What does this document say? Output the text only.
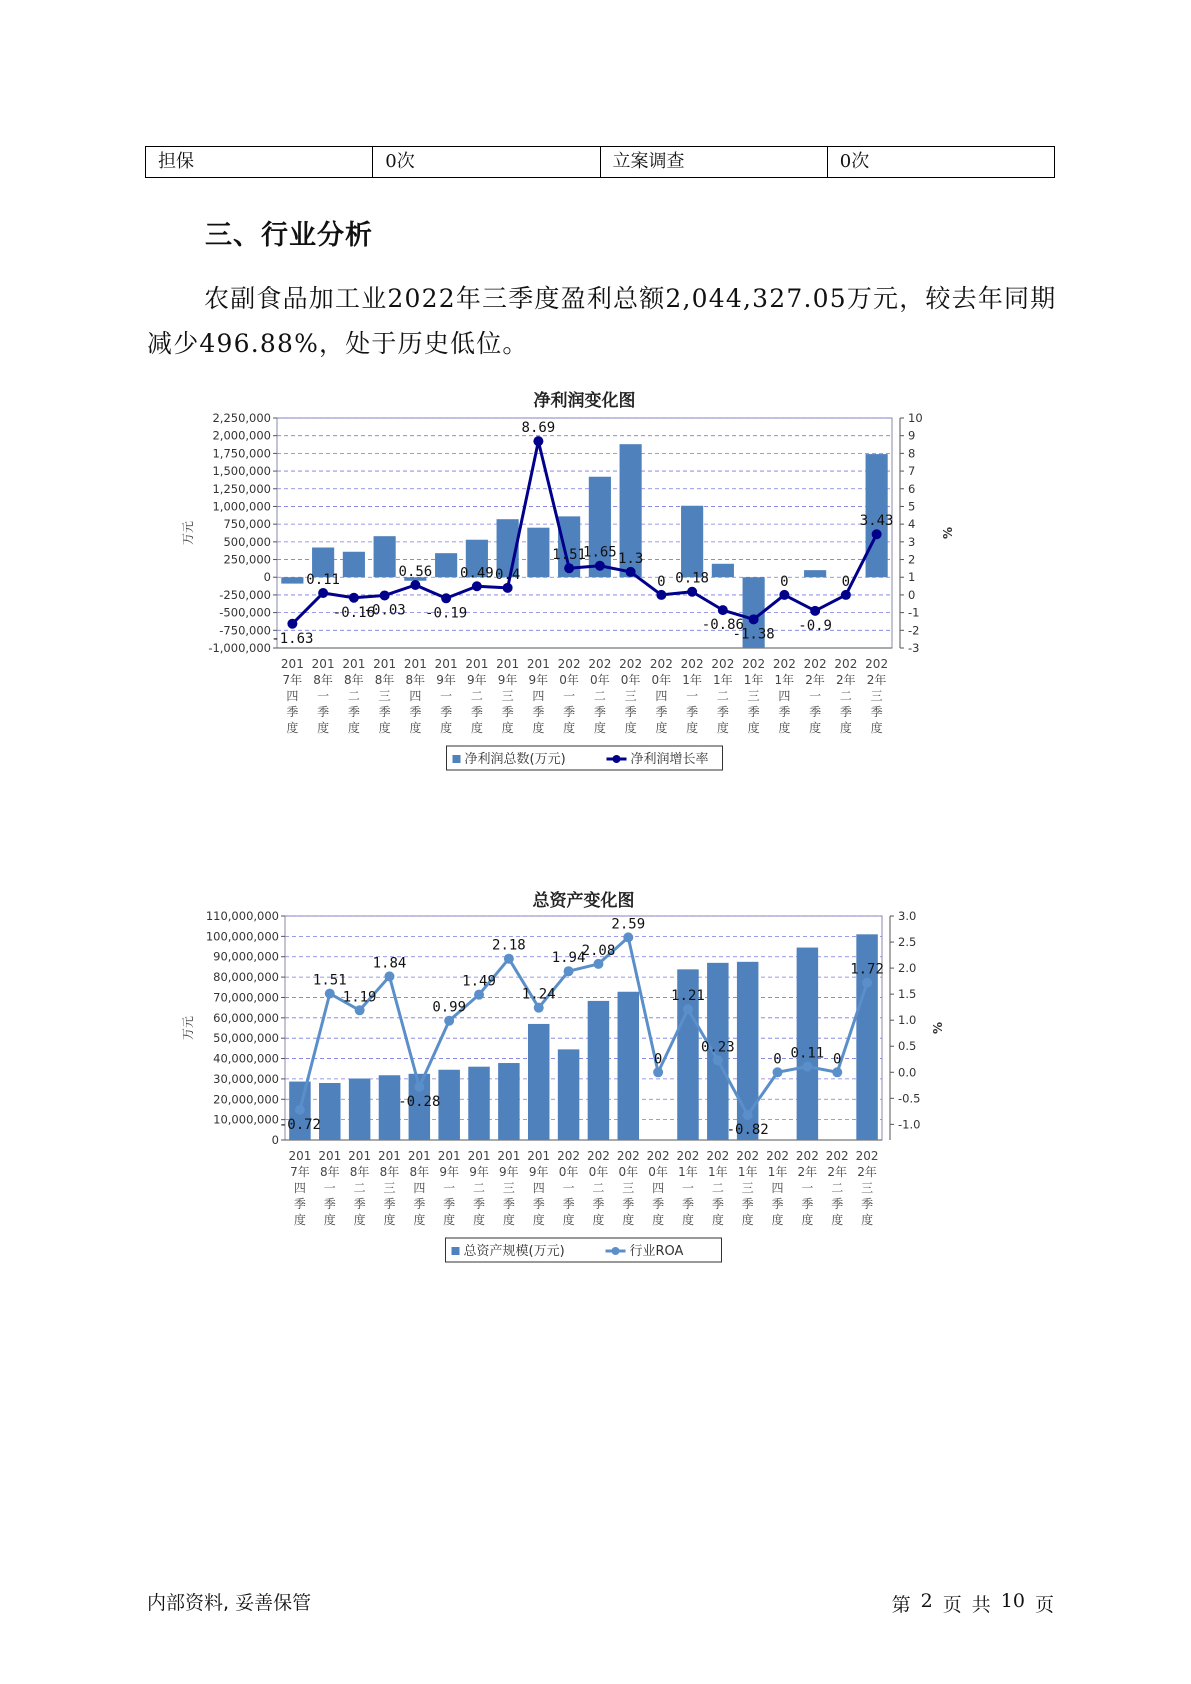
担保	0次	立案调查	0次
三、行业分析
农副食品加工业2022年三季度盈利总额2,044,327.05万元，较去年同期减少496.88%，处于历史低位。
净利润变化图
2,250,000
2,000,000
1,750,000
1,500,000
1,250,000
1,000,000
750,000
500,000
250,000
0
-250,000
-500,000
-750,000
-1,000,000
10
9
8
7
6
5
4
3
2
1
0
-1
-2
-3
万元	%
-1.63
0.11
-0.16
-0.03
0.56
-0.19
0.49 0.4
8.69
1.51
1.65 1.3
0 0.18
-0.86
-1.38
0
-0.9
0
3.43
201
7年
四
季
度
201
8年
一
季
度
201
8年
二
季
度
201
8年
三
季
度
201
8年
四
季
度
201
9年
一
季
度
201
9年
二
季
度
201
9年
三
季
度
201
9年
四
季
度
202
0年
一
季
度
202
0年
二
季
度
202
0年
三
季
度
202
0年
四
季
度
202
1年
一
季
度
202
1年
二
季
度
202
1年
三
季
度
202
1年
四
季
度
202
2年
一
季
度
202
2年
二
季
度
202
2年
三
季
度
净利润总数(万元)	净利润增长率
总资产变化图
110,000,000
100,000,000
90,000,000
80,000,000
70,000,000
60,000,000
50,000,000
40,000,000
30,000,000
20,000,000
10,000,000
0
3.0
2.5
2.0
1.5
1.0
0.5
0.0
-0.5
-1.0
万元	%
-0.72
1.51
1.19
1.84
-0.28
0.99
1.49
2.18
1.24
1.94
2.08
2.59
0
1.21
0.23
-0.82
0 0.11 0
1.72
201
7年
四
季
度
201
8年
一
季
度
201
8年
二
季
度
201
8年
三
季
度
201
8年
四
季
度
201
9年
一
季
度
201
9年
二
季
度
201
9年
三
季
度
201
9年
四
季
度
202
0年
一
季
度
202
0年
二
季
度
202
0年
三
季
度
202
0年
四
季
度
202
1年
一
季
度
202
1年
二
季
度
202
1年
三
季
度
202
1年
四
季
度
202
2年
一
季
度
202
2年
二
季
度
202
2年
三
季
度
总资产规模(万元)	行业ROA
内部资料, 妥善保管	第 2 页 共 10 页
